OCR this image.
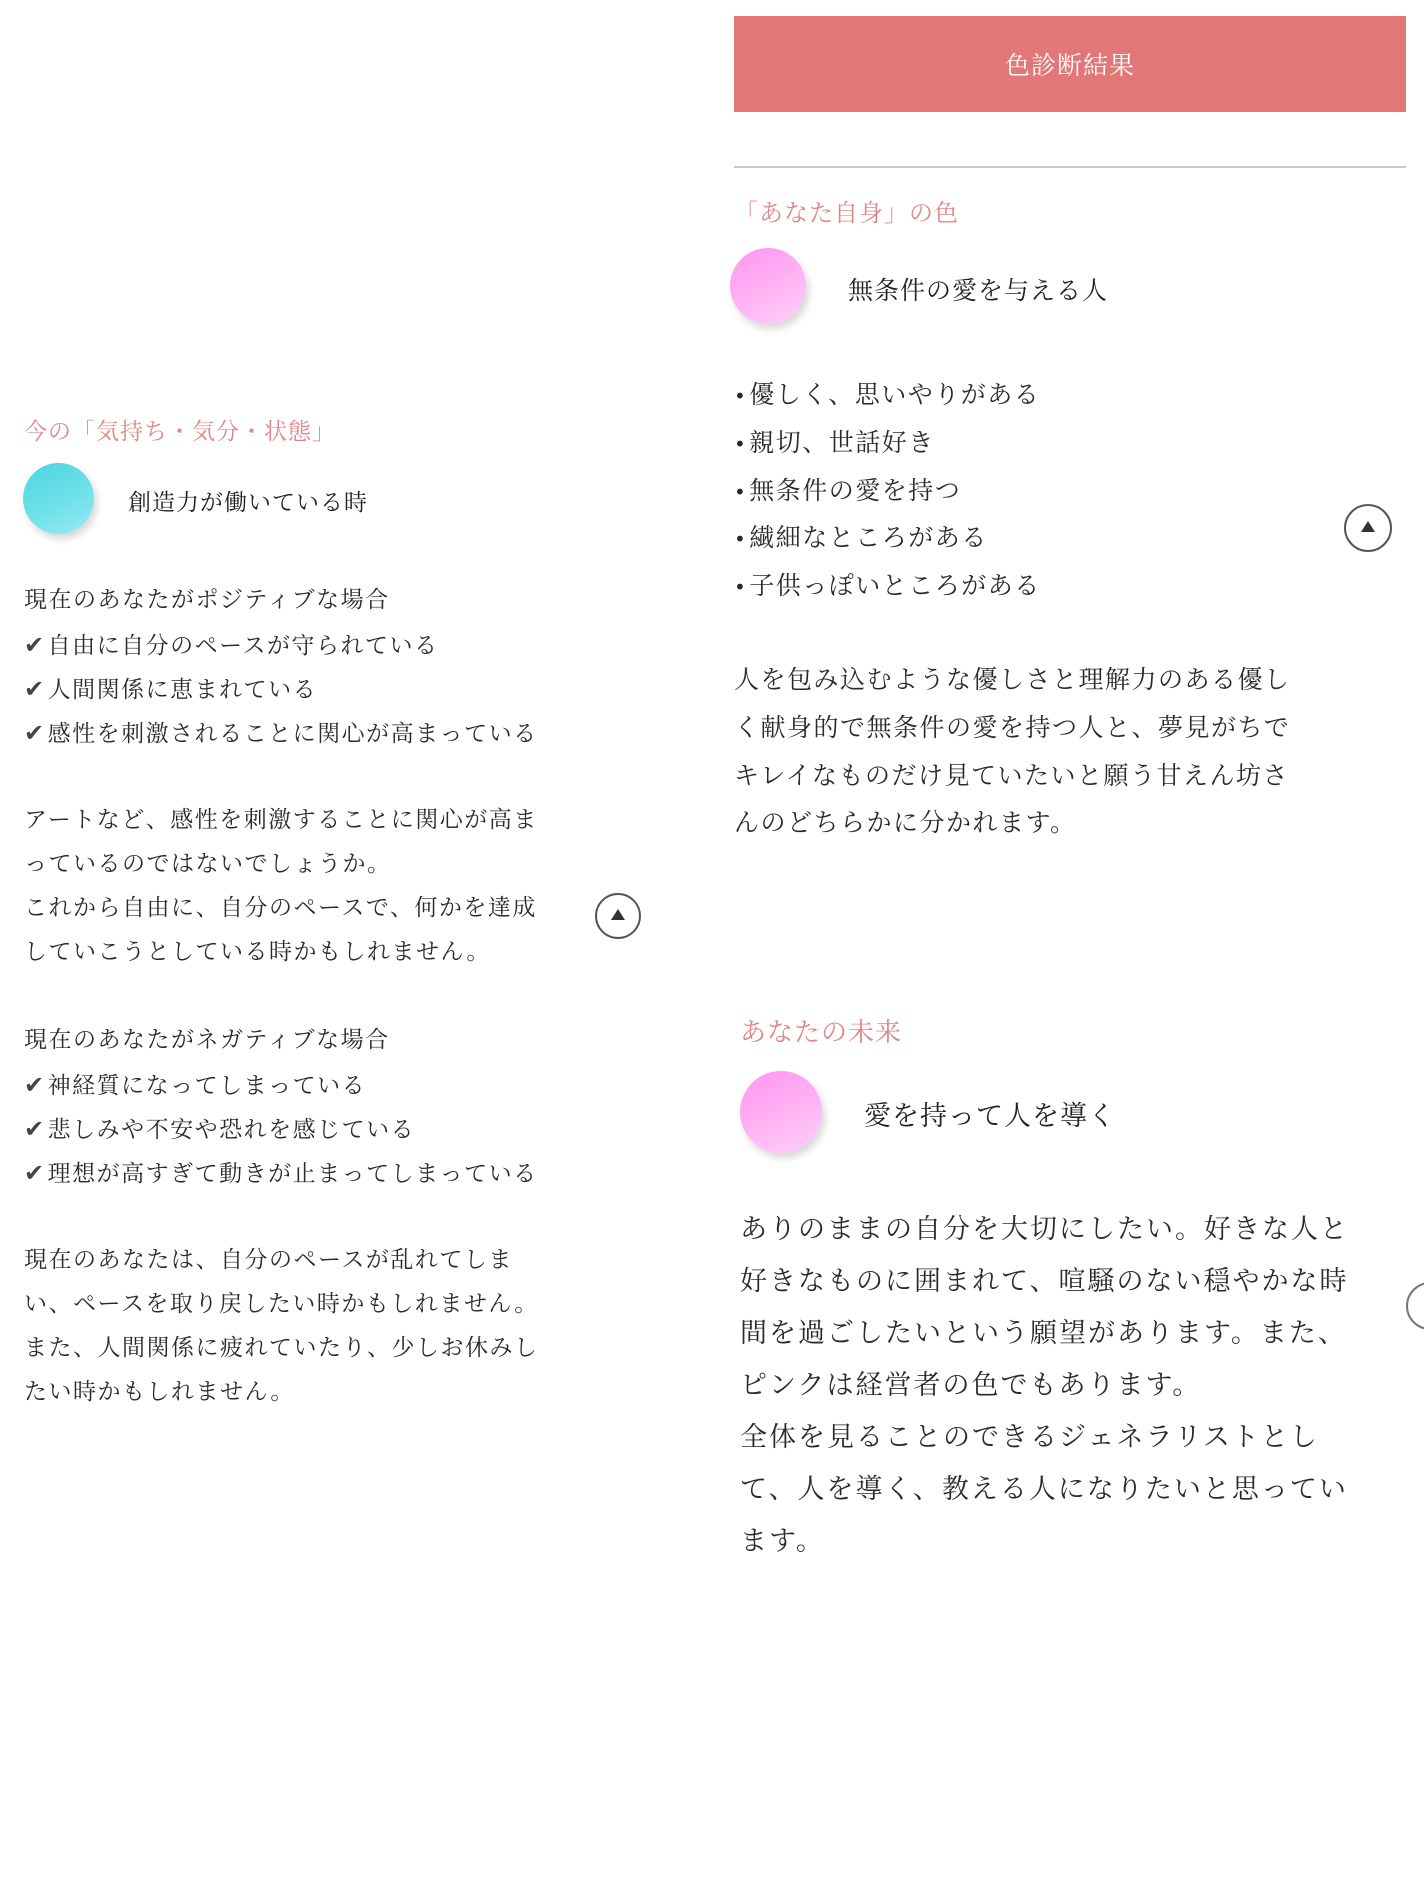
色診断結果
「あなた自身」の色
無条件の愛を与える人
•優しく、思いやりがある
•親切、世話好き
•無条件の愛を持つ
•繊細なところがある
•子供っぽいところがある
人を包み込むような優しさと理解力のある優し
く献身的で無条件の愛を持つ人と、夢見がちで
キレイなものだけ見ていたいと願う甘えん坊さ
んのどちらかに分かれます。
あなたの未来
愛を持って人を導く
ありのままの自分を大切にしたい。好きな人と
好きなものに囲まれて、喧騒のない穏やかな時
間を過ごしたいという願望があります。また、
ピンクは経営者の色でもあります。
全体を見ることのできるジェネラリストとし
て、人を導く、教える人になりたいと思ってい
ます。
今の「気持ち・気分・状態」
創造力が働いている時
現在のあなたがポジティブな場合
✔自由に自分のペースが守られている
✔人間関係に恵まれている
✔感性を刺激されることに関心が高まっている
アートなど、感性を刺激することに関心が高ま
っているのではないでしょうか。
これから自由に、自分のペースで、何かを達成
していこうとしている時かもしれません。
現在のあなたがネガティブな場合
✔神経質になってしまっている
✔悲しみや不安や恐れを感じている
✔理想が高すぎて動きが止まってしまっている
現在のあなたは、自分のペースが乱れてしま
い、ペースを取り戻したい時かもしれません。
また、人間関係に疲れていたり、少しお休みし
たい時かもしれません。
